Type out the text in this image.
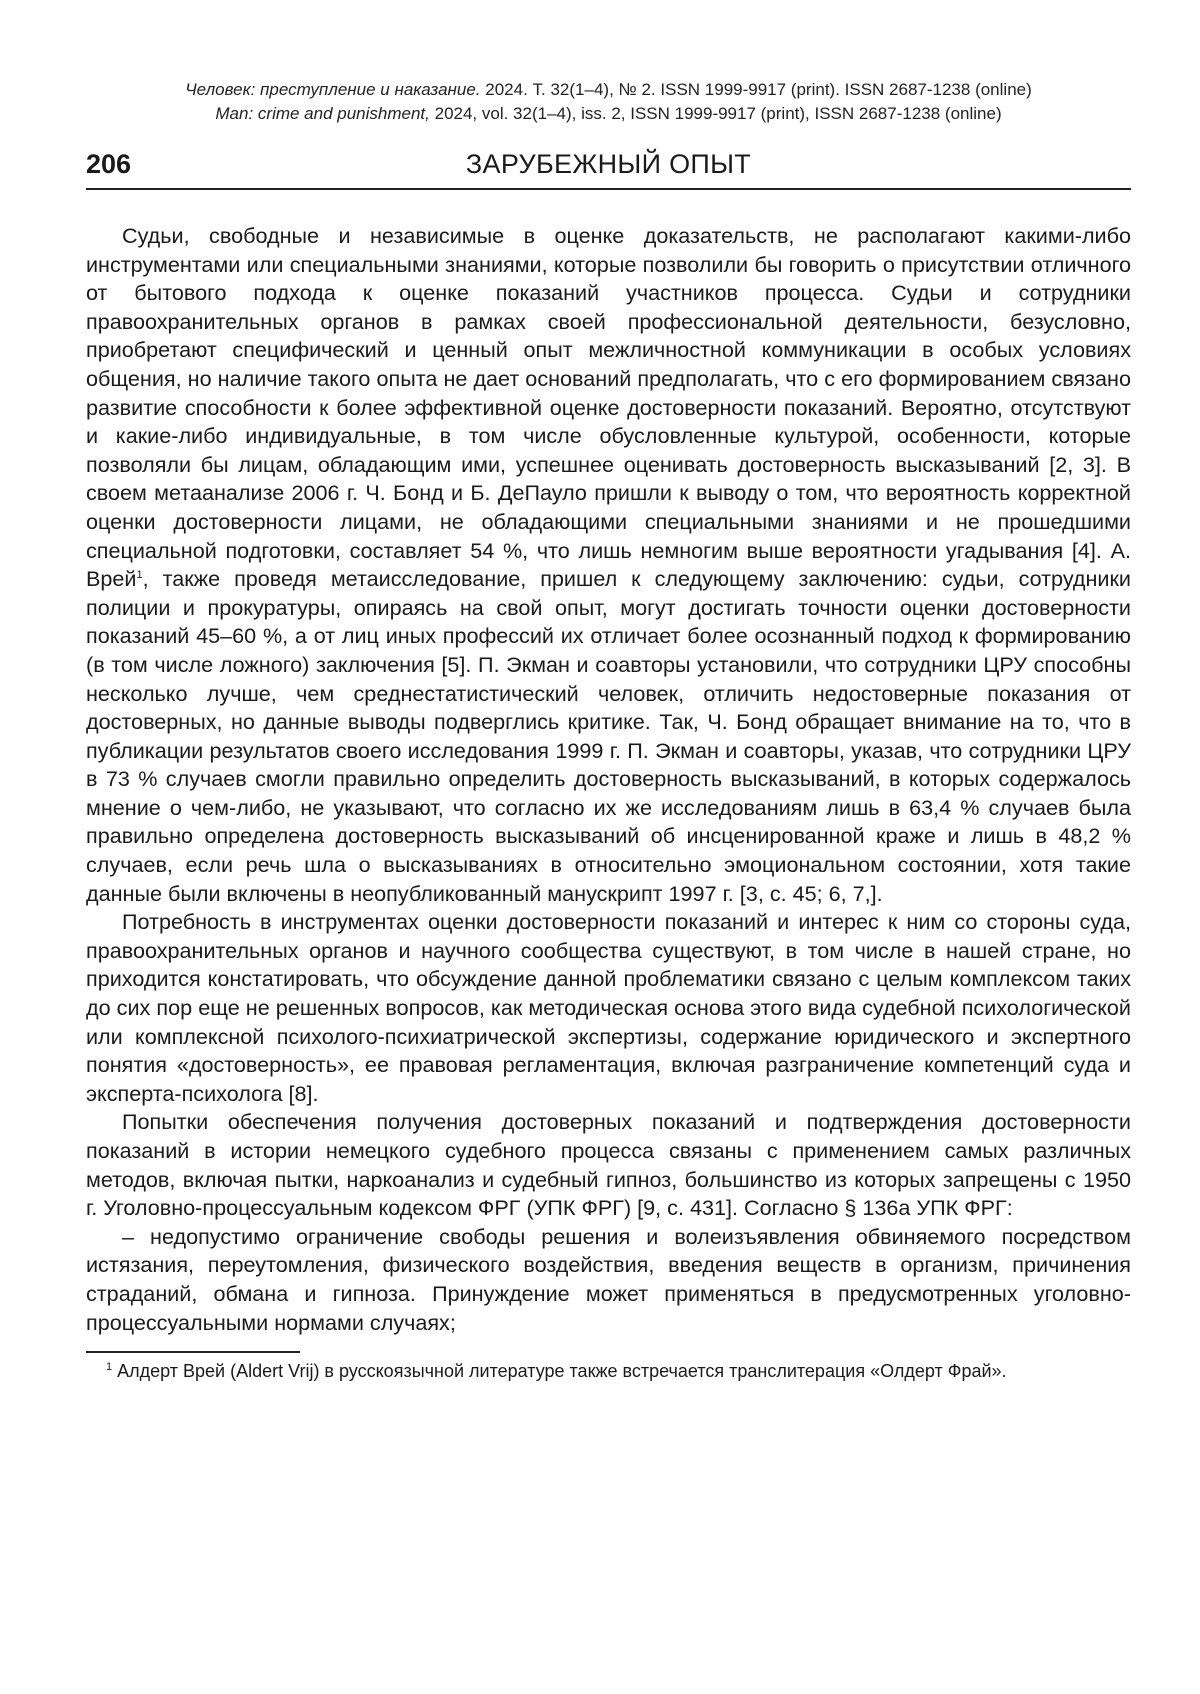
Человек: преступление и наказание. 2024. Т. 32(1–4), № 2. ISSN 1999-9917 (print). ISSN 2687-1238 (online)
Man: crime and punishment, 2024, vol. 32(1–4), iss. 2, ISSN 1999-9917 (print), ISSN 2687-1238 (online)
ЗАРУБЕЖНЫЙ ОПЫТ
206

Судьи, свободные и независимые в оценке доказательств, не располагают какими-либо инструментами или специальными знаниями, которые позволили бы говорить о присутствии отличного от бытового подхода к оценке показаний участников процесса. Судьи и сотрудники правоохранительных органов в рамках своей профессиональной деятельности, безусловно, приобретают специфический и ценный опыт межличностной коммуникации в особых условиях общения, но наличие такого опыта не дает оснований предполагать, что с его формированием связано развитие способности к более эффективной оценке достоверности показаний. Вероятно, отсутствуют и какие-либо индивидуальные, в том числе обусловленные культурой, особенности, которые позволяли бы лицам, обладающим ими, успешнее оценивать достоверность высказываний [2, 3]. В своем метаанализе 2006 г. Ч. Бонд и Б. ДеПауло пришли к выводу о том, что вероятность корректной оценки достоверности лицами, не обладающими специальными знаниями и не прошедшими специальной подготовки, составляет 54 %, что лишь немногим выше вероятности угадывания [4]. А. Врей$^1$, также проведя метаисследование, пришел к следующему заключению: судьи, сотрудники полиции и прокуратуры, опираясь на свой опыт, могут достигать точности оценки достоверности показаний 45–60 %, а от лиц иных профессий их отличает более осознанный подход к формированию (в том числе ложного) заключения [5]. П. Экман и соавторы установили, что сотрудники ЦРУ способны несколько лучше, чем среднестатистический человек, отличить недостоверные показания от достоверных, но данные выводы подверглись критике. Так, Ч. Бонд обращает внимание на то, что в публикации результатов своего исследования 1999 г. П. Экман и соавторы, указав, что сотрудники ЦРУ в 73 % случаев смогли правильно определить достоверность высказываний, в которых содержалось мнение о чем-либо, не указывают, что согласно их же исследованиям лишь в 63,4 % случаев была правильно определена достоверность высказываний об инсценированной краже и лишь в 48,2 % случаев, если речь шла о высказываниях в относительно эмоциональном состоянии, хотя такие данные были включены в неопубликованный манускрипт 1997 г. [3, с. 45; 6, 7,].

Потребность в инструментах оценки достоверности показаний и интерес к ним со стороны суда, правоохранительных органов и научного сообщества существуют, в том числе в нашей стране, но приходится констатировать, что обсуждение данной проблематики связано с целым комплексом таких до сих пор еще не решенных вопросов, как методическая основа этого вида судебной психологической или комплексной психолого-психиатрической экспертизы, содержание юридического и экспертного понятия «достоверность», ее правовая регламентация, включая разграничение компетенций суда и эксперта-психолога [8].

Попытки обеспечения получения достоверных показаний и подтверждения достоверности показаний в истории немецкого судебного процесса связаны с применением самых различных методов, включая пытки, наркоанализ и судебный гипноз, большинство из которых запрещены с 1950 г. Уголовно-процессуальным кодексом ФРГ (УПК ФРГ) [9, с. 431]. Согласно § 136а УПК ФРГ:

– недопустимо ограничение свободы решения и волеизъявления обвиняемого посредством истязания, переутомления, физического воздействия, введения веществ в организм, причинения страданий, обмана и гипноза. Принуждение может применяться в предусмотренных уголовно-процессуальными нормами случаях;

$^1$ Алдерт Врей (Aldert Vrij) в русскоязычной литературе также встречается транслитерация «Олдерт Фрай».
